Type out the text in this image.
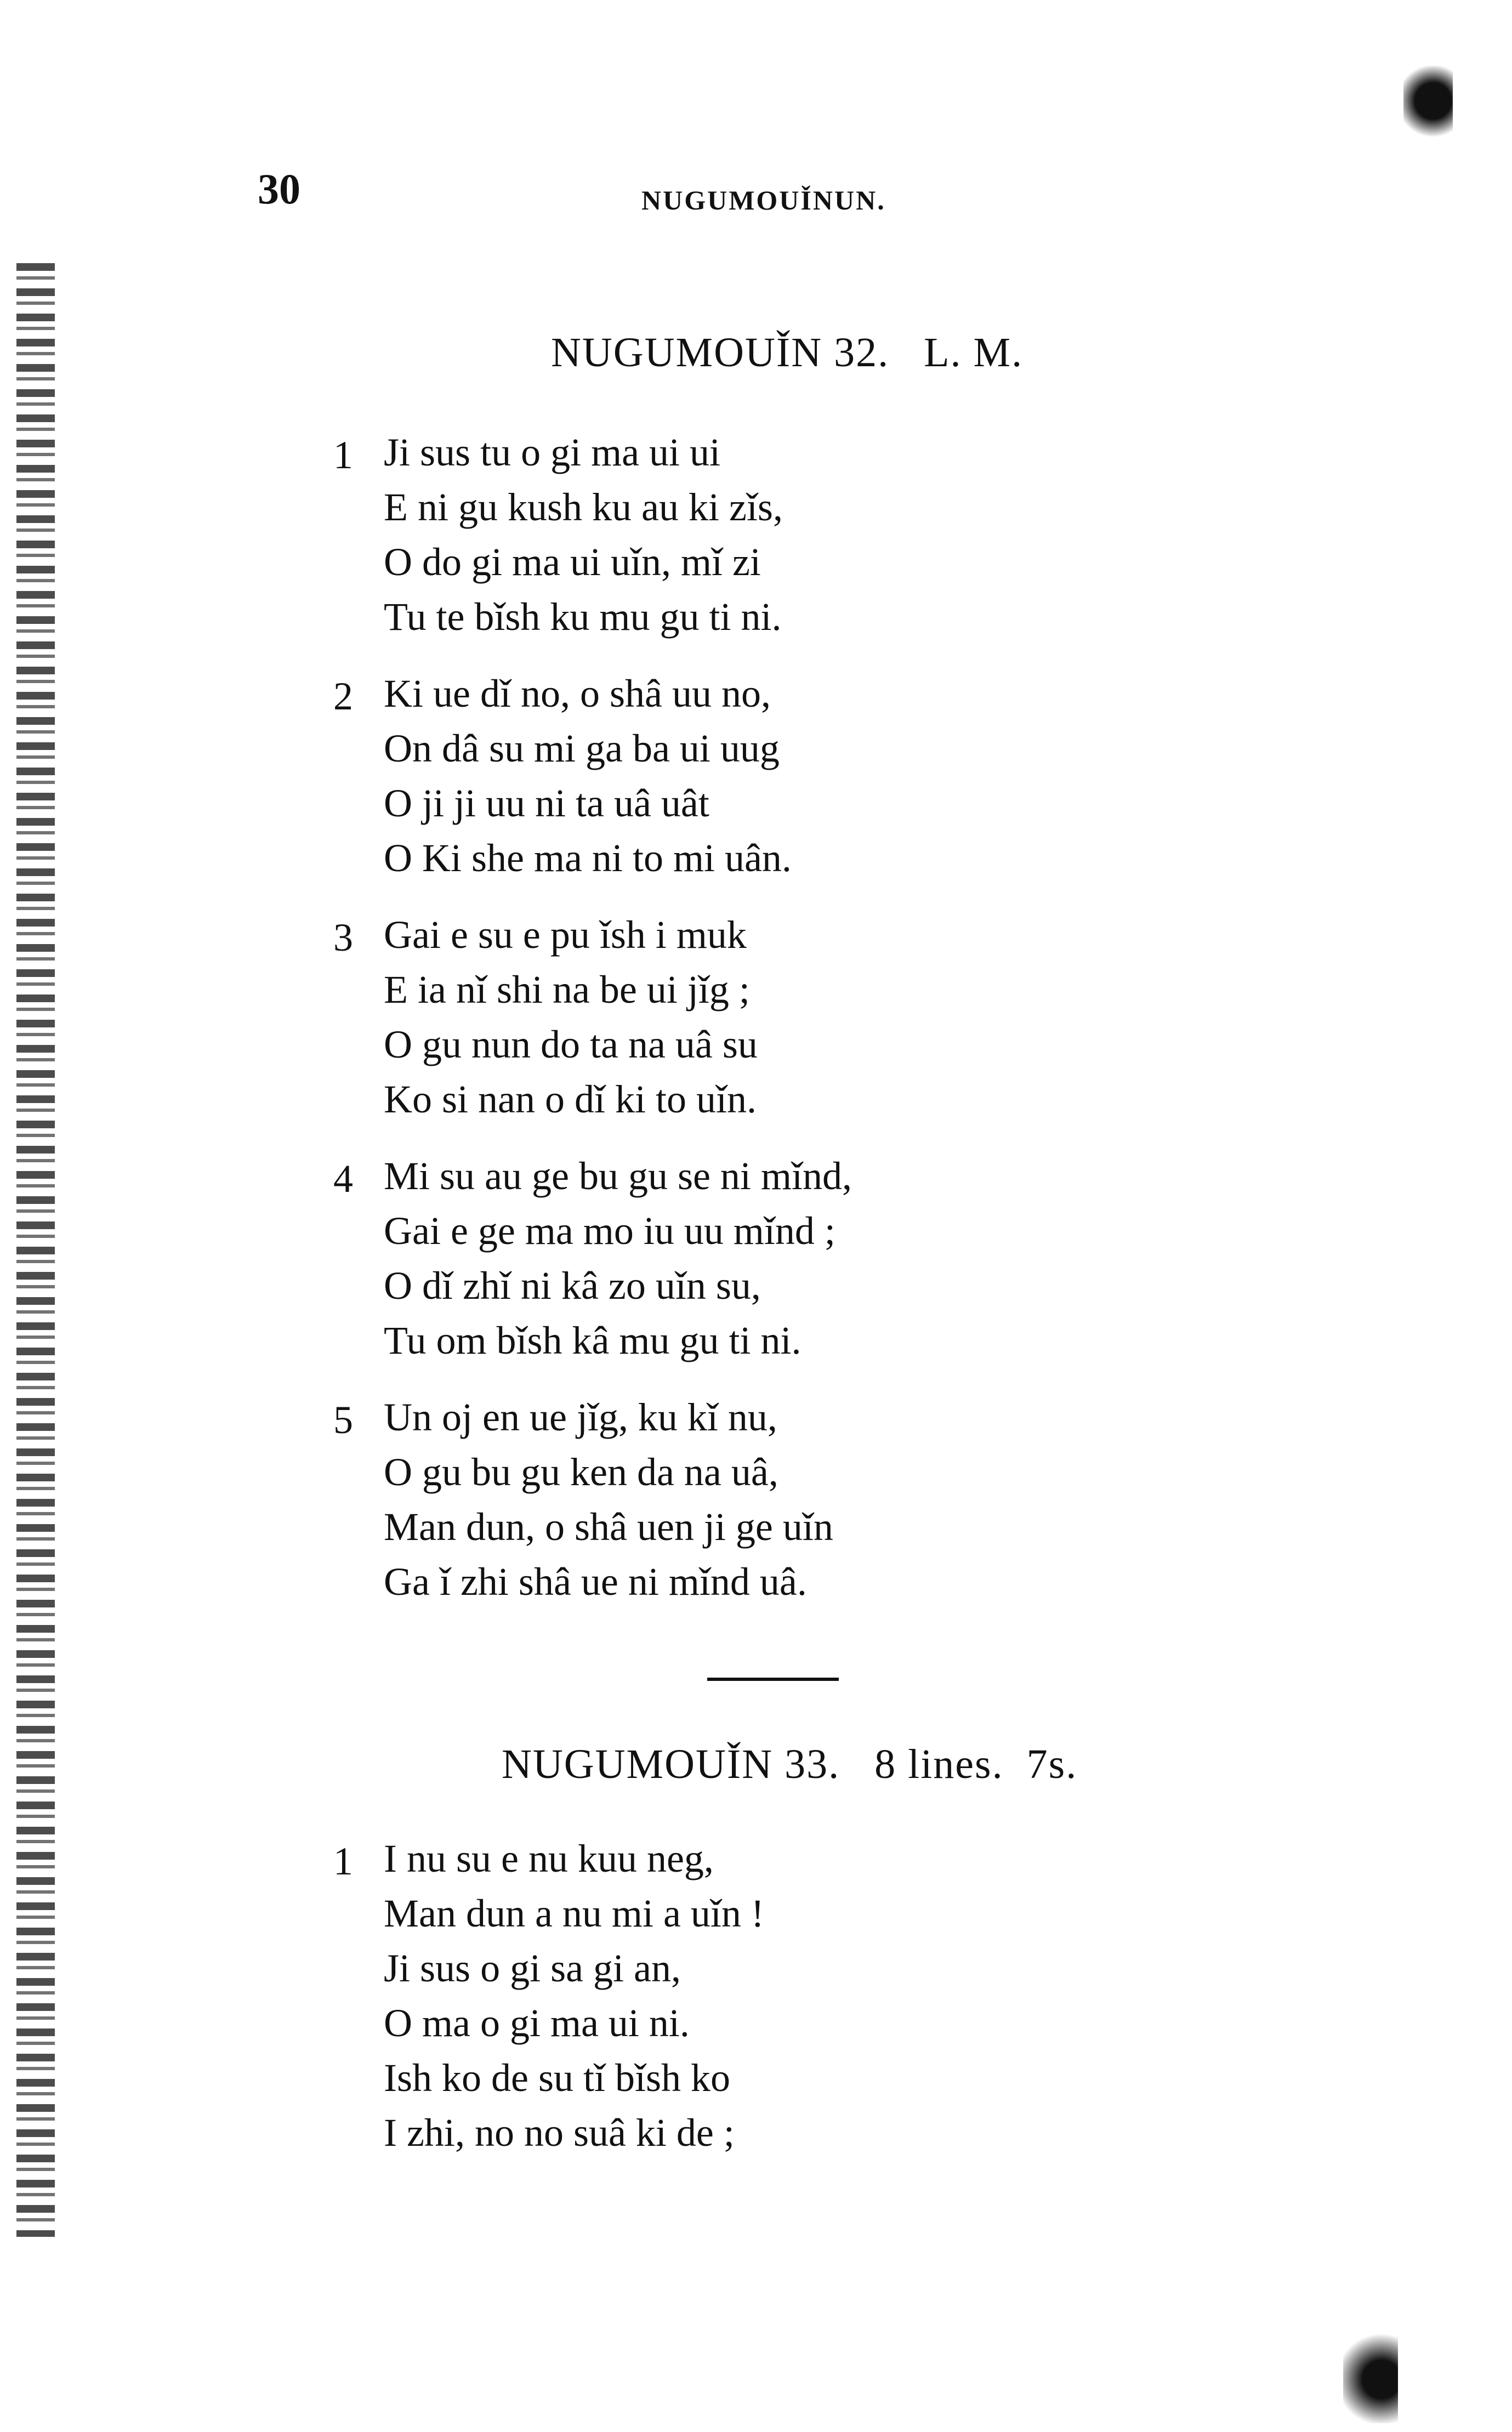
30	NUGUMOUǏNUN.
NUGUMOUǏN 32.   L. M.
1 Ji sus tu o gi ma ui ui
E ni gu kush ku au ki zǐs,
O do gi ma ui uǐn, mǐ zi
Tu te bǐsh ku mu gu ti ni.
2 Ki ue dǐ no, o shâ uu no,
On dâ su mi ga ba ui uug
O ji ji uu ni ta uâ uât
O Ki she ma ni to mi uân.
3 Gai e su e pu ǐsh i muk
E ia nǐ shi na be ui jǐg ;
O gu nun do ta na uâ su
Ko si nan o dǐ ki to uǐn.
4 Mi su au ge bu gu se ni mǐnd,
Gai e ge ma mo iu uu mǐnd ;
O dǐ zhǐ ni kâ zo uǐn su,
Tu om bǐsh kâ mu gu ti ni.
5 Un oj en ue jǐg, ku kǐ nu,
O gu bu gu ken da na uâ,
Man dun, o shâ uen ji ge uǐn
Ga ǐ zhi shâ ue ni mǐnd uâ.
NUGUMOUǏN 33.   8 lines.  7s.
1 I nu su e nu kuu neg,
Man dun a nu mi a uǐn !
Ji sus o gi sa gi an,
O ma o gi ma ui ni.
Ish ko de su tǐ bǐsh ko
I zhi, no no suâ ki de ;
